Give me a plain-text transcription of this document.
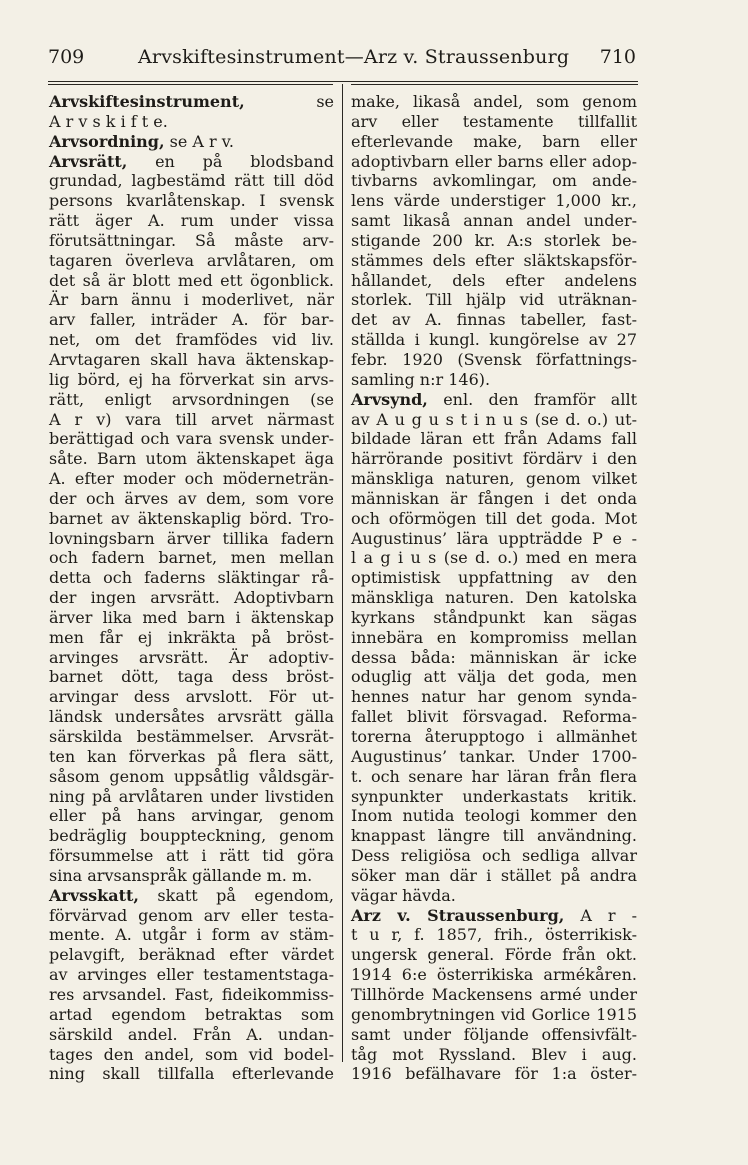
709	Arvskiftesinstrument—Arz v. Straussenburg 710
Arvskiftesinstrument, se
A r v s k i f t e.
Arvsordning, se A r v.
Arvsrätt, en på blodsband
grundad, lagbestämd rätt till död
persons kvarlåtenskap. I svensk
rätt äger A. rum under vissa
förutsättningar. Så måste arv-
tagaren överleva arvlåtaren, om
det så är blott med ett ögonblick.
Är barn ännu i moderlivet, när
arv faller, inträder A. för bar-
net, om det framfödes vid liv.
Arvtagaren skall hava äktenskap-
lig börd, ej ha förverkat sin arvs-
rätt, enligt arvsordningen (se
A r v) vara till arvet närmast
berättigad och vara svensk under-
såte. Barn utom äktenskapet äga
A. efter moder och möderneträn-
der och ärves av dem, som vore
barnet av äktenskaplig börd. Tro-
lovningsbarn ärver tillika fadern
och fadern barnet, men mellan
detta och faderns släktingar rå-
der ingen arvsrätt. Adoptivbarn
ärver lika med barn i äktenskap
men får ej inkräkta på bröst-
arvinges arvsrätt. Är adoptiv-
barnet dött, taga dess bröst-
arvingar dess arvslott. För ut-
ländsk undersåtes arvsrätt gälla
särskilda bestämmelser. Arvsrät-
ten kan förverkas på flera sätt,
såsom genom uppsåtlig våldsgär-
ning på arvlåtaren under livstiden
eller på hans arvingar, genom
bedräglig bouppteckning, genom
försummelse att i rätt tid göra
sina arvsanspråk gällande m. m.
Arvsskatt, skatt på egendom,
förvärvad genom arv eller testa-
mente. A. utgår i form av stäm-
pelavgift, beräknad efter värdet
av arvinges eller testamentstaga-
res arvsandel. Fast, fideikommiss-
artad egendom betraktas som
särskild andel. Från A. undan-
tages den andel, som vid bodel-
ning skall tillfalla efterlevande
make, likaså andel, som genom
arv eller testamente tillfallit
efterlevande make, barn eller
adoptivbarn eller barns eller adop-
tivbarns avkomlingar, om ande-
lens värde understiger 1,000 kr.,
samt likaså annan andel under-
stigande 200 kr. A:s storlek be-
stämmes dels efter släktskapsför-
hållandet, dels efter andelens
storlek. Till hjälp vid uträknan-
det av A. finnas tabeller, fast-
ställda i kungl. kungörelse av 27
febr. 1920 (Svensk författnings-
samling n:r 146).
Arvsynd, enl. den framför allt
av A u g u s t i n u s (se d. o.) ut-
bildade läran ett från Adams fall
härrörande positivt fördärv i den
mänskliga naturen, genom vilket
människan är fången i det onda
och oförmögen till det goda. Mot
Augustinus’ lära uppträdde P e -
l a g i u s (se d. o.) med en mera
optimistisk uppfattning av den
mänskliga naturen. Den katolska
kyrkans ståndpunkt kan sägas
innebära en kompromiss mellan
dessa båda: människan är icke
oduglig att välja det goda, men
hennes natur har genom synda-
fallet blivit försvagad. Reforma-
torerna återupptogo i allmänhet
Augustinus’ tankar. Under 1700-
t. och senare har läran från flera
synpunkter underkastats kritik.
Inom nutida teologi kommer den
knappast längre till användning.
Dess religiösa och sedliga allvar
söker man där i stället på andra
vägar hävda.
Arz v. Straussenburg, A r -
t u r, f. 1857, frih., österrikisk-
ungersk general. Förde från okt.
1914 6:e österrikiska armékåren.
Tillhörde Mackensens armé under
genombrytningen vid Gorlice 1915
samt under följande offensivfält-
tåg mot Ryssland. Blev i aug.
1916 befälhavare för 1:a öster-
